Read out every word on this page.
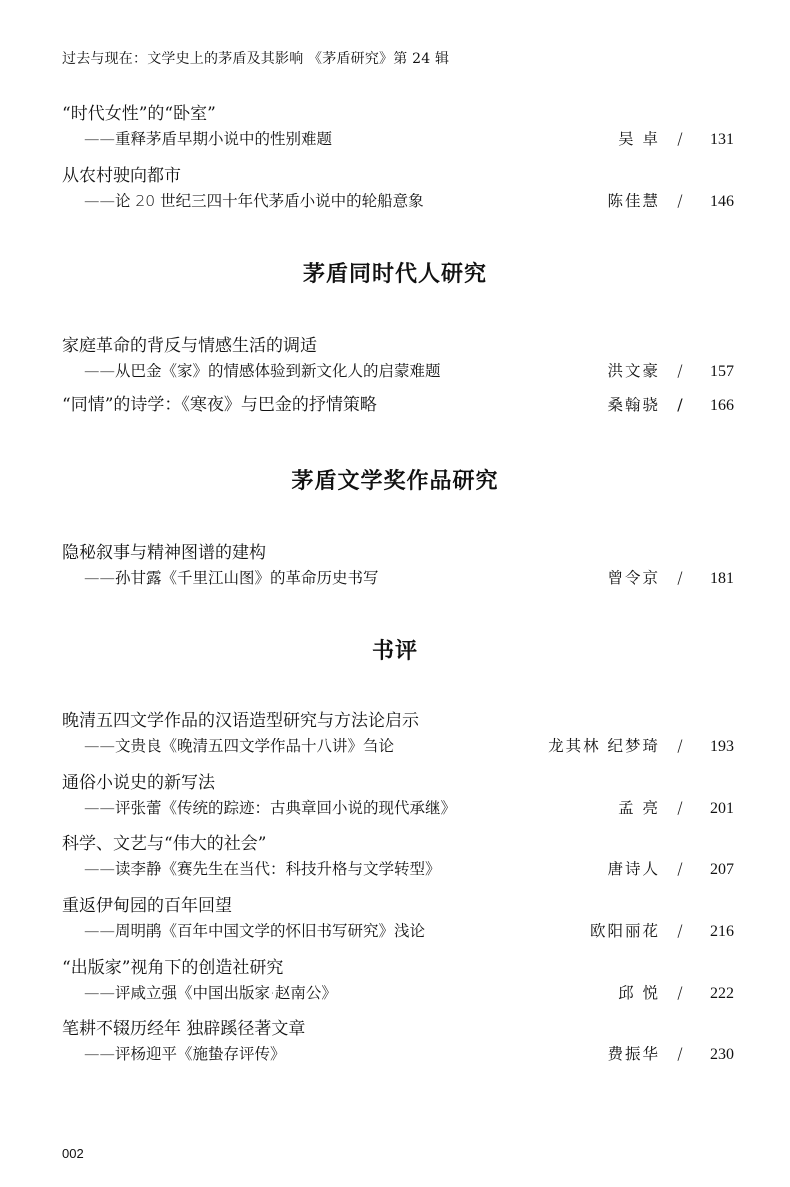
过去与现在：文学史上的茅盾及其影响 《茅盾研究》第 24 辑
“时代女性”的“卧室”
——重释茅盾早期小说中的性别难题	吴 卓	/	131
从农村驶向都市
——论 20 世纪三四十年代茅盾小说中的轮船意象	陈佳慧	/	146
茅盾同时代人研究
家庭革命的背反与情感生活的调适
——从巴金《家》的情感体验到新文化人的启蒙难题	洪文豪	/	157
“同情”的诗学：《寒夜》与巴金的抒情策略	桑翰骁	/	166
茅盾文学奖作品研究
隐秘叙事与精神图谱的建构
——孙甘露《千里江山图》的革命历史书写	曾令京	/	181
书评
晚清五四文学作品的汉语造型研究与方法论启示
——文贵良《晚清五四文学作品十八讲》刍论	龙其林 纪梦琦	/	193
通俗小说史的新写法
——评张蕾《传统的踪迹：古典章回小说的现代承继》	孟 亮	/	201
科学、文艺与“伟大的社会”
——读李静《赛先生在当代：科技升格与文学转型》	唐诗人	/	207
重返伊甸园的百年回望
——周明鹃《百年中国文学的怀旧书写研究》浅论	欧阳丽花	/	216
“出版家”视角下的创造社研究
——评咸立强《中国出版家·赵南公》	邱 悦	/	222
笔耕不辍历经年 独辟蹊径著文章
——评杨迎平《施蛰存评传》	费振华	/	230
002
